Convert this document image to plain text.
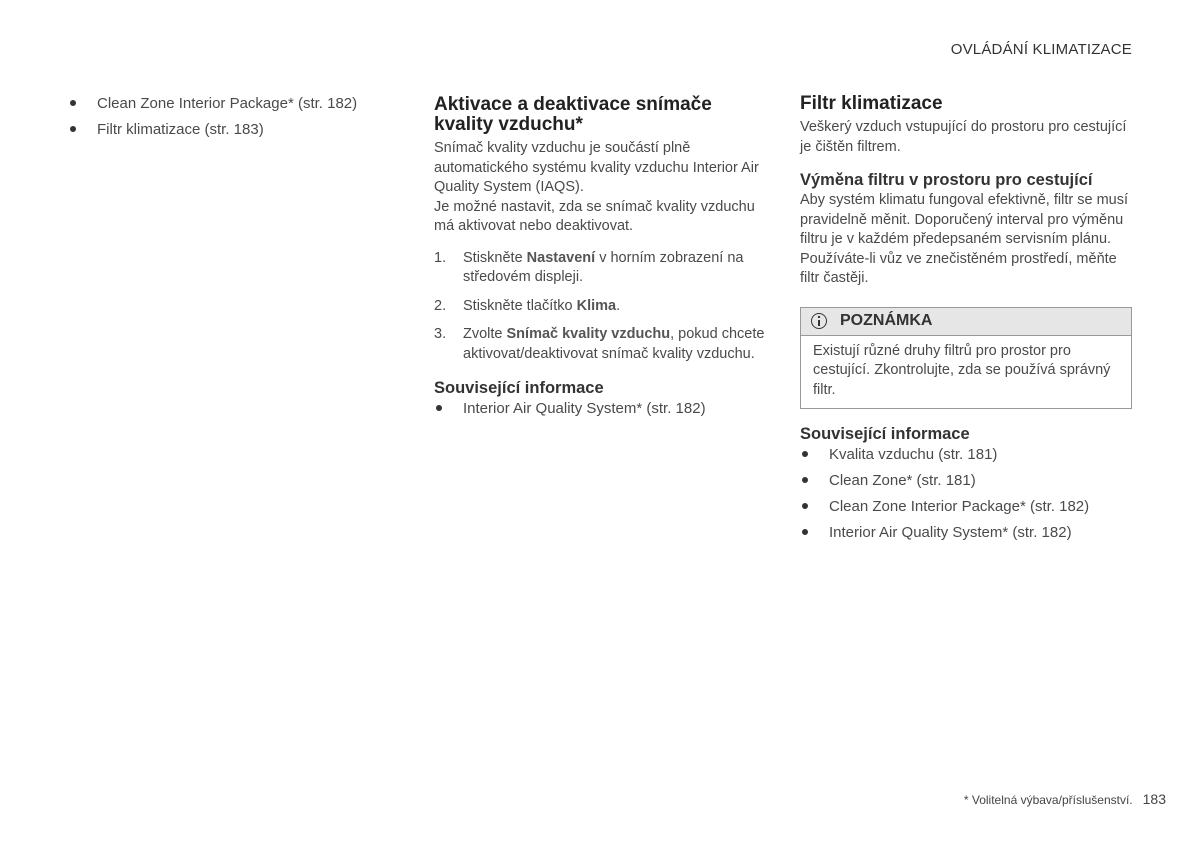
OVLÁDÁNÍ KLIMATIZACE
Clean Zone Interior Package* (str. 182)
Filtr klimatizace (str. 183)
Aktivace a deaktivace snímače kvality vzduchu*

Snímač kvality vzduchu je součástí plně automatického systému kvality vzduchu Interior Air Quality System (IAQS).

Je možné nastavit, zda se snímač kvality vzduchu má aktivovat nebo deaktivovat.

1. Stiskněte Nastavení v horním zobrazení na středovém displeji.
2. Stiskněte tlačítko Klima.
3. Zvolte Snímač kvality vzduchu, pokud chcete aktivovat/deaktivovat snímač kvality vzduchu.
Související informace
Interior Air Quality System* (str. 182)
Filtr klimatizace

Veškerý vzduch vstupující do prostoru pro cestující je čištěn filtrem.

Výměna filtru v prostoru pro cestující

Aby systém klimatu fungoval efektivně, filtr se musí pravidelně měnit. Doporučený interval pro výměnu filtru je v každém předepsaném servisním plánu. Používáte-li vůz ve znečistěném prostředí, měňte filtr častěji.

POZNÁMKA
Existují různé druhy filtrů pro prostor pro cestující. Zkontrolujte, zda se používá správný filtr.
Související informace
Kvalita vzduchu (str. 181)
Clean Zone* (str. 181)
Clean Zone Interior Package* (str. 182)
Interior Air Quality System* (str. 182)
* Volitelná výbava/příslušenství. 183
